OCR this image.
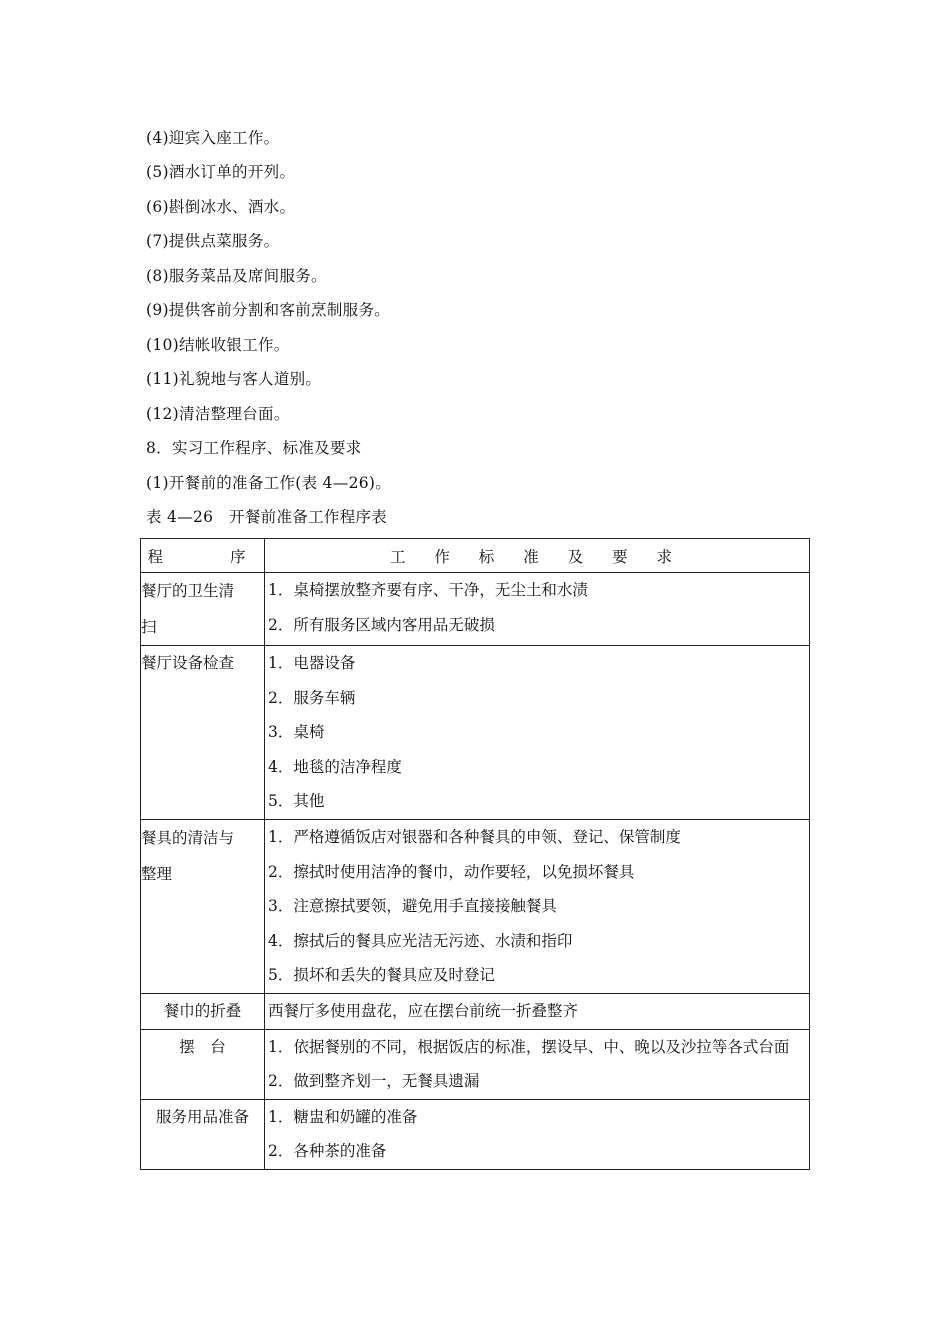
(4)迎宾入座工作。
(5)酒水订单的开列。
(6)斟倒冰水、酒水。
(7)提供点菜服务。
(8)服务菜品及席间服务。
(9)提供客前分割和客前烹制服务。
(10)结帐收银工作。
(11)礼貌地与客人道别。
(12)清洁整理台面。
8．实习工作程序、标准及要求
(1)开餐前的准备工作(表 4—26)。
表 4—26　开餐前准备工作程序表
程　　序	工 作 标 准 及 要 求

餐厅的卫生清
扫	1．桌椅摆放整齐要有序、干净，无尘土和水渍
2．所有服务区域内客用品无破损

餐厅设备检查	1．电器设备
2．服务车辆
3．桌椅
4．地毯的洁净程度
5．其他

餐具的清洁与
整理	1．严格遵循饭店对银器和各种餐具的申领、登记、保管制度
2．擦拭时使用洁净的餐巾，动作要轻，以免损坏餐具
3．注意擦拭要领，避免用手直接接触餐具
4．擦拭后的餐具应光洁无污迹、水渍和指印
5．损坏和丢失的餐具应及时登记

餐巾的折叠	西餐厅多使用盘花，应在摆台前统一折叠整齐

摆　台	1．依据餐别的不同，根据饭店的标准，摆设早、中、晚以及沙拉等各式台面
2．做到整齐划一，无餐具遗漏

服务用品准备	1．糖盅和奶罐的准备
2．各种茶的准备
